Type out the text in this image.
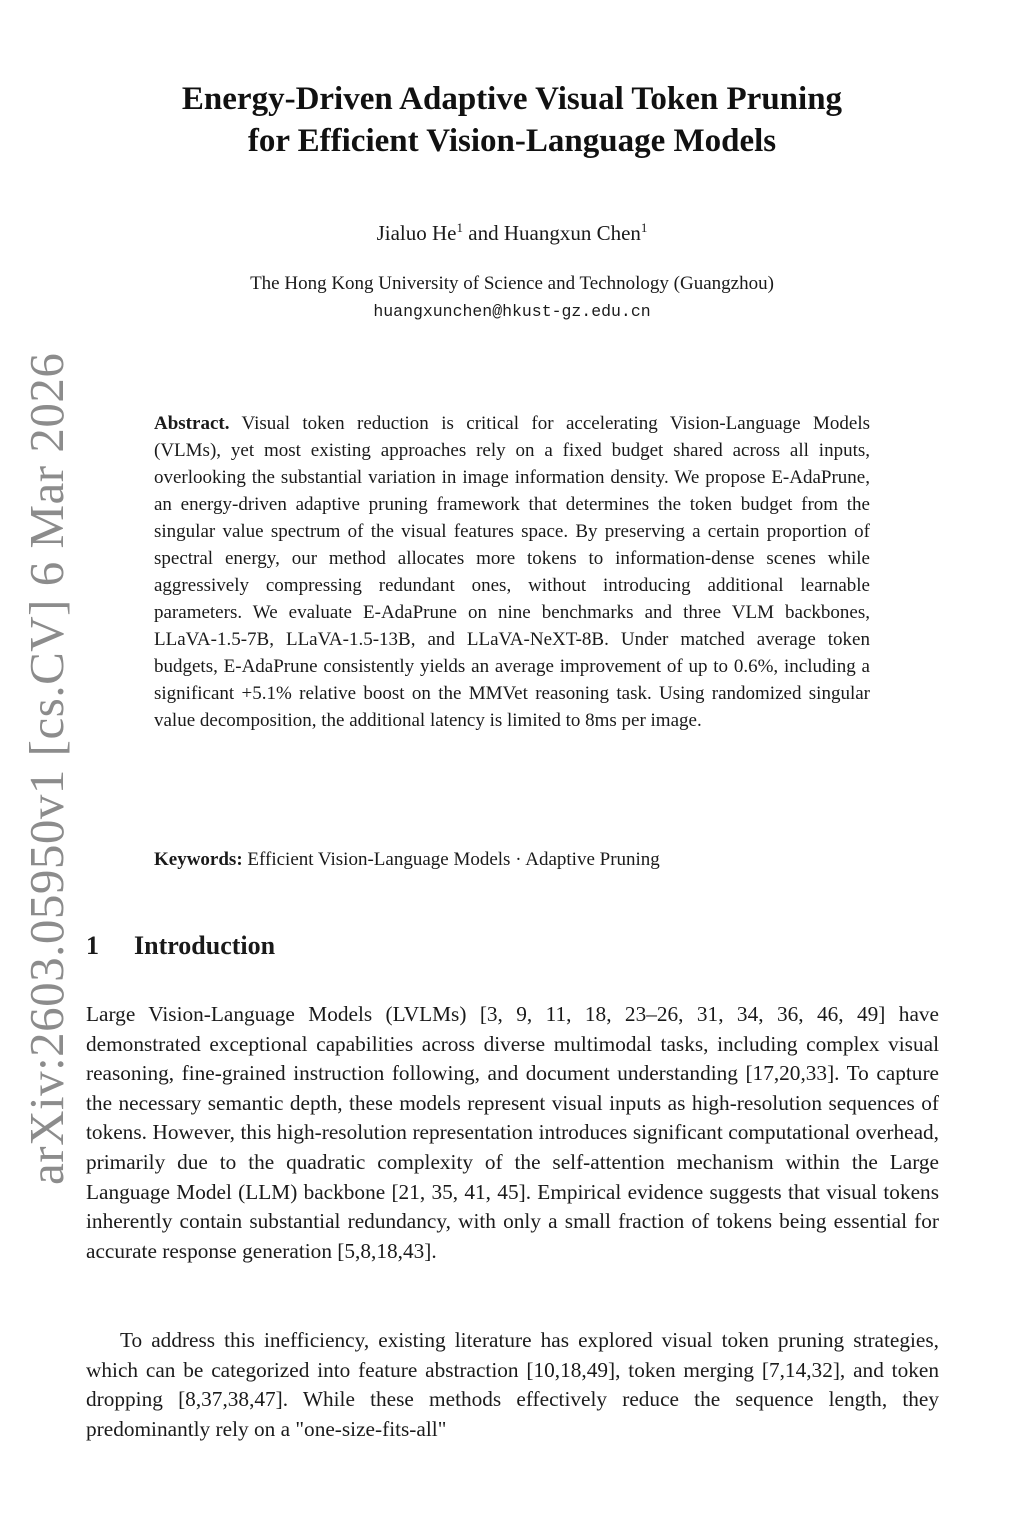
arXiv:2603.05950v1 [cs.CV] 6 Mar 2026
Energy-Driven Adaptive Visual Token Pruning
for Efficient Vision-Language Models
Jialuo He$^1$ and Huangxun Chen$^1$
The Hong Kong University of Science and Technology (Guangzhou)
huangxunchen@hkust-gz.edu.cn

Abstract. Visual token reduction is critical for accelerating Vision-Language Models (VLMs), yet most existing approaches rely on a fixed budget shared across all inputs, overlooking the substantial variation in image information density. We propose E-AdaPrune, an energy-driven adaptive pruning framework that determines the token budget from the singular value spectrum of the visual features space. By preserving a certain proportion of spectral energy, our method allocates more tokens to information-dense scenes while aggressively compressing redundant ones, without introducing additional learnable parameters. We evaluate E-AdaPrune on nine benchmarks and three VLM backbones, LLaVA-1.5-7B, LLaVA-1.5-13B, and LLaVA-NeXT-8B. Under matched average token budgets, E-AdaPrune consistently yields an average improvement of up to 0.6%, including a significant +5.1% relative boost on the MMVet reasoning task. Using randomized singular value decomposition, the additional latency is limited to 8ms per image.

Keywords: Efficient Vision-Language Models · Adaptive Pruning

1 Introduction

Large Vision-Language Models (LVLMs) [3, 9, 11, 18, 23–26, 31, 34, 36, 46, 49] have demonstrated exceptional capabilities across diverse multimodal tasks, including complex visual reasoning, fine-grained instruction following, and document understanding [17,20,33]. To capture the necessary semantic depth, these models represent visual inputs as high-resolution sequences of tokens. However, this high-resolution representation introduces significant computational overhead, primarily due to the quadratic complexity of the self-attention mechanism within the Large Language Model (LLM) backbone [21, 35, 41, 45]. Empirical evidence suggests that visual tokens inherently contain substantial redundancy, with only a small fraction of tokens being essential for accurate response generation [5,8,18,43].

To address this inefficiency, existing literature has explored visual token pruning strategies, which can be categorized into feature abstraction [10,18,49], token merging [7,14,32], and token dropping [8,37,38,47]. While these methods effectively reduce the sequence length, they predominantly rely on a "one-size-fits-all"
